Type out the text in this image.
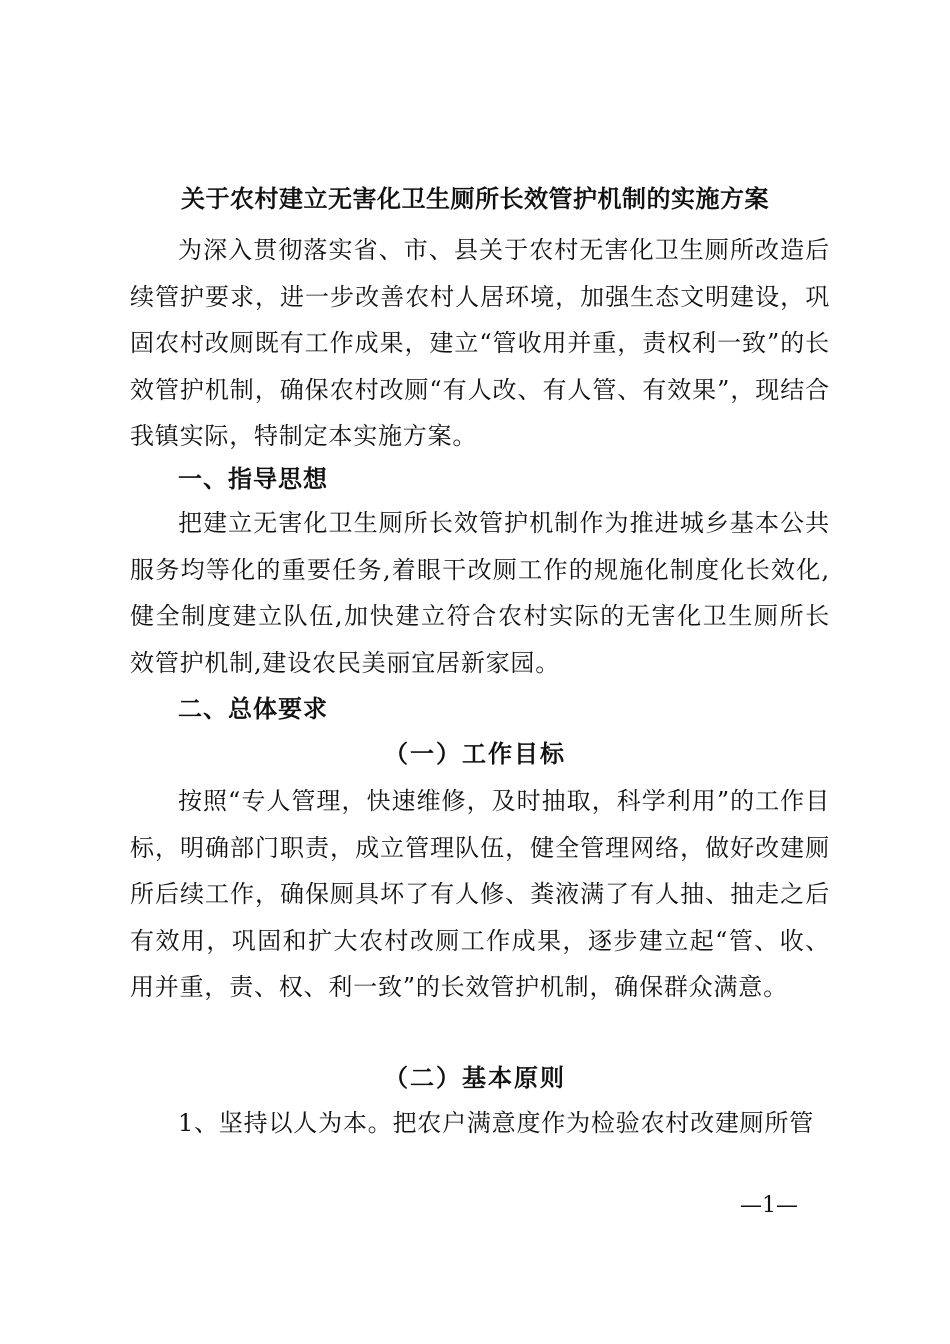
关于农村建立无害化卫生厕所长效管护机制的实施方案

为深入贯彻落实省、市、县关于农村无害化卫生厕所改造后续管护要求，进一步改善农村人居环境，加强生态文明建设，巩固农村改厕既有工作成果，建立“管收用并重，责权利一致”的长效管护机制，确保农村改厕“有人改、有人管、有效果”，现结合我镇实际，特制定本实施方案。

一、指导思想

把建立无害化卫生厕所长效管护机制作为推进城乡基本公共服务均等化的重要任务,着眼干改厕工作的规施化制度化长效化,健全制度建立队伍,加快建立符合农村实际的无害化卫生厕所长效管护机制,建设农民美丽宜居新家园。

二、总体要求
（一）工作目标

按照“专人管理，快速维修，及时抽取，科学利用”的工作目标，明确部门职责，成立管理队伍，健全管理网络，做好改建厕所后续工作，确保厕具坏了有人修、粪液满了有人抽、抽走之后有效用，巩固和扩大农村改厕工作成果，逐步建立起“管、收、用并重，责、权、利一致”的长效管护机制，确保群众满意。

（二）基本原则

1、坚持以人为本。把农户满意度作为检验农村改建厕所管

—1—
